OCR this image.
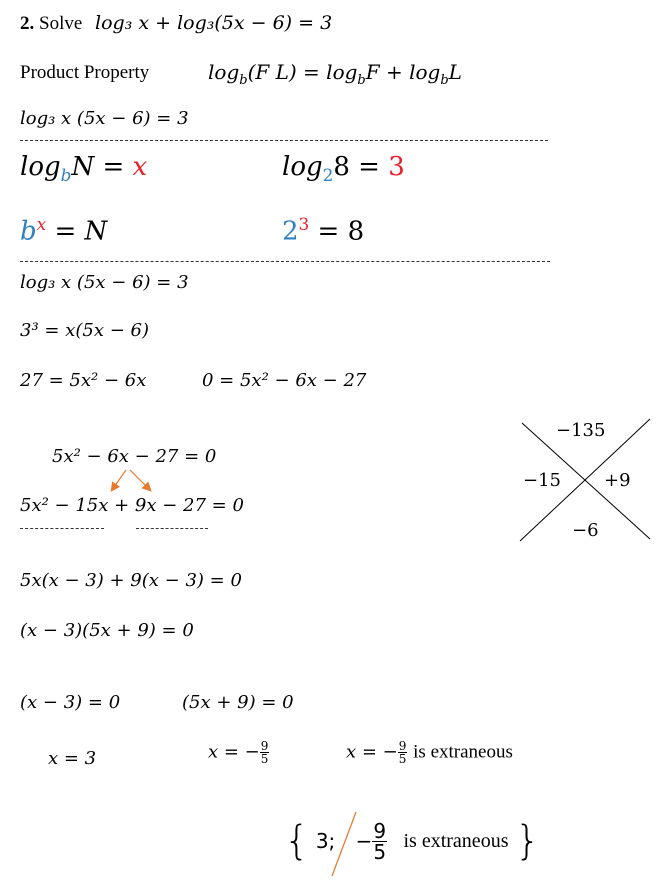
2. Solve log₃ x + log₃(5x − 6) = 3
Product Property	$\log_b(F$ $L) = \log_bF + \log_bL$
log₃ x (5x − 6) = 3
$\log_bN = x$	$\log_28 = 3$
$b^x = N$	$2^3 = 8$
log₃ x (5x − 6) = 3
3³ = x(5x − 6)
27 = 5x² − 6x	0 = 5x² − 6x − 27
5x² − 6x − 27 = 0
5x² − 15x + 9x − 27 = 0
−135
−15 +9
−6
5x(x − 3) + 9(x − 3) = 0
(x − 3)(5x + 9) = 0
(x − 3) = 0	(5x + 9) = 0
x = 3	x = − $\frac{9}{5}$	x = − $\frac{9}{5}$ is extraneous
{ 3; − $\frac{9}{5}$ is extraneous }
